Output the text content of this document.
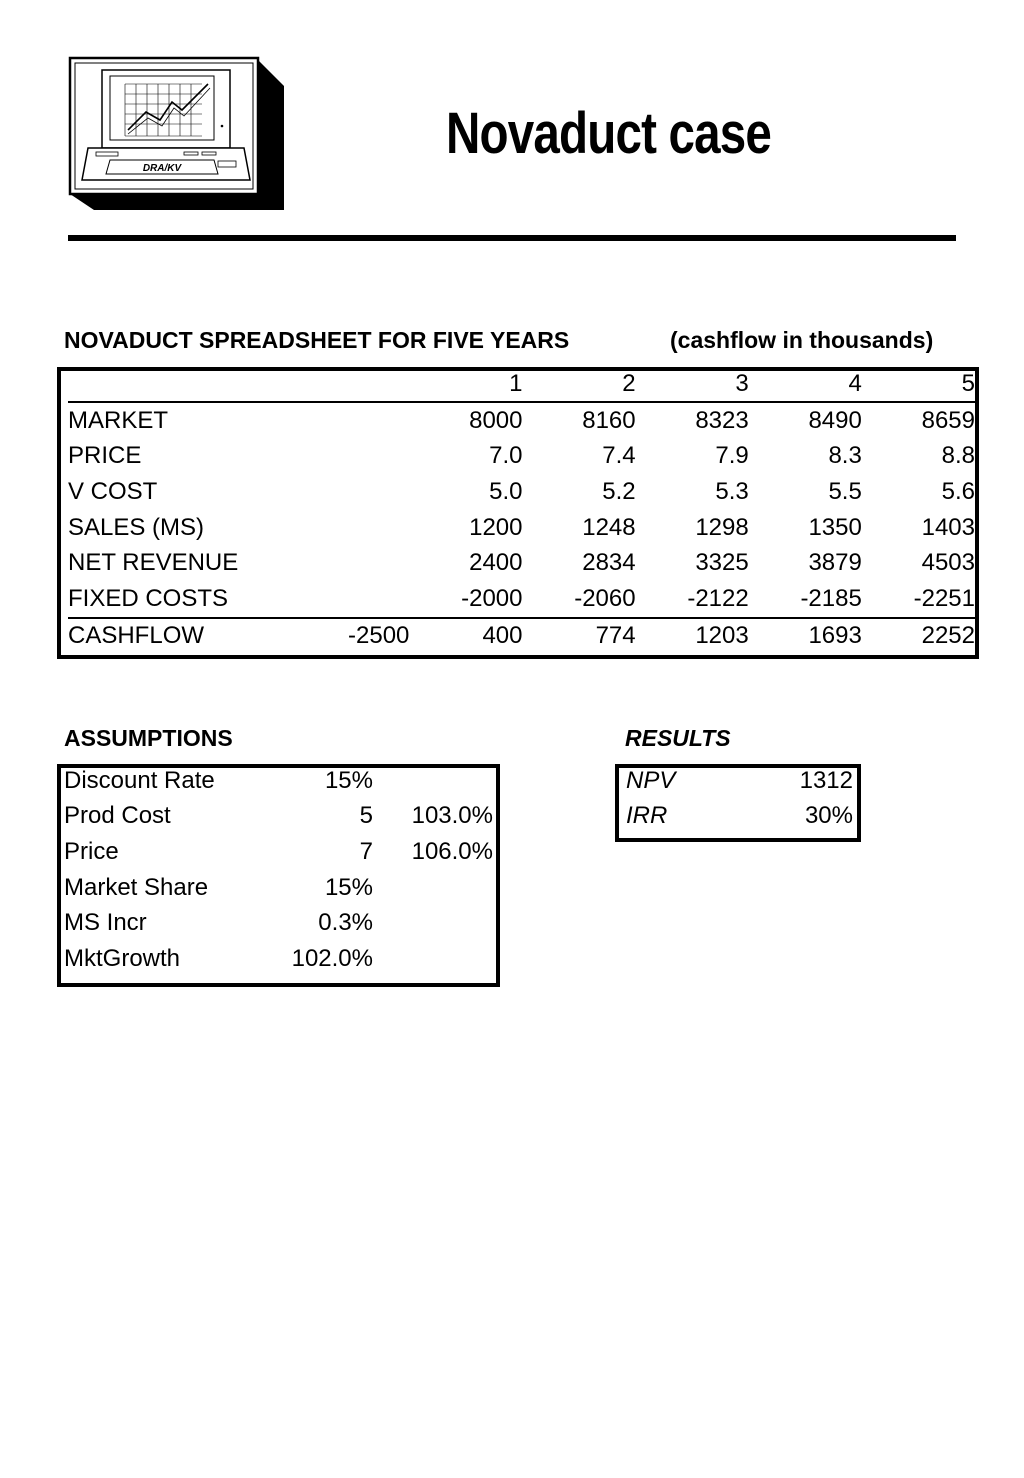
DRA/KV
Novaduct case
NOVADUCT SPREADSHEET FOR FIVE YEARS	(cashflow in thousands)
		1	2	3	4	5
MARKET		8000	8160	8323	8490	8659
PRICE		7.0	7.4	7.9	8.3	8.8
V COST		5.0	5.2	5.3	5.5	5.6
SALES (MS)		1200	1248	1298	1350	1403
NET REVENUE		2400	2834	3325	3879	4503
FIXED COSTS		-2000	-2060	-2122	-2185	-2251
CASHFLOW	-2500	400	774	1203	1693	2252
ASSUMPTIONS
Discount Rate	15%	
Prod Cost	5	103.0%
Price	7	106.0%
Market Share	15%	
MS Incr	0.3%	
MktGrowth	102.0%	
RESULTS
NPV	1312
IRR	30%
